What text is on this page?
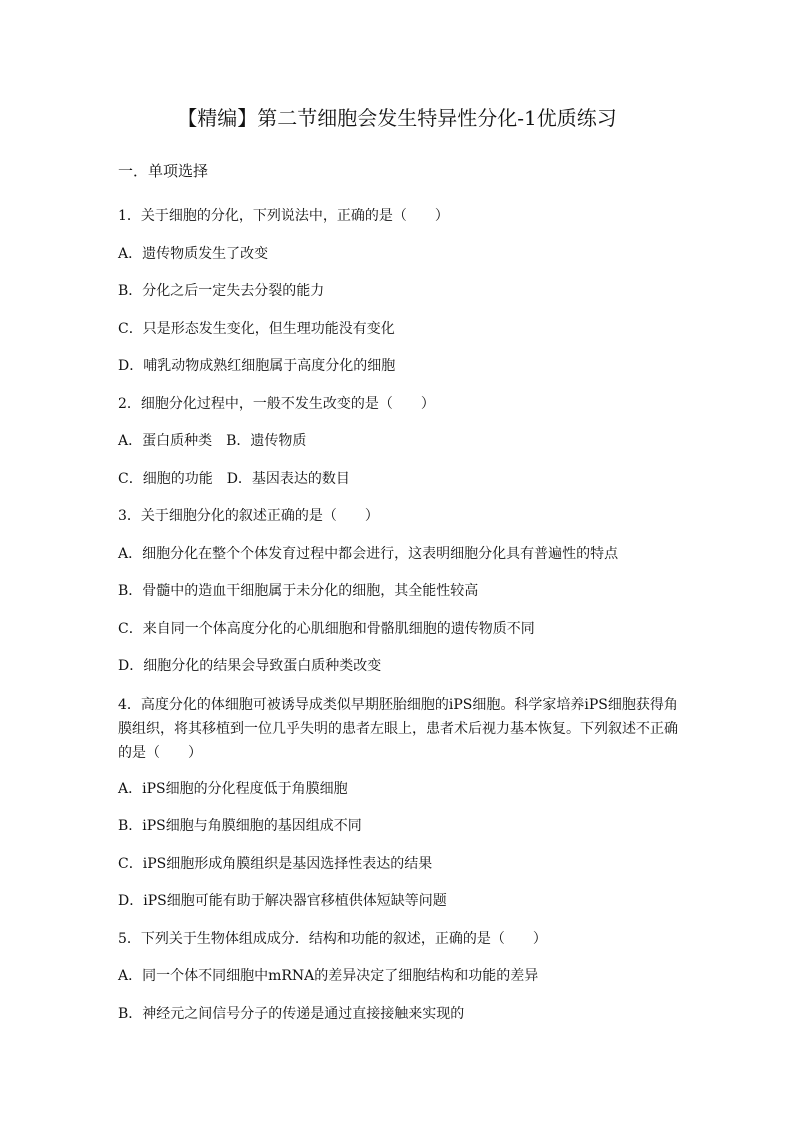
【精编】第二节细胞会发生特异性分化-1优质练习
一．单项选择
1．关于细胞的分化，下列说法中，正确的是（　　）
A．遗传物质发生了改变
B．分化之后一定失去分裂的能力
C．只是形态发生变化，但生理功能没有变化
D．哺乳动物成熟红细胞属于高度分化的细胞
2．细胞分化过程中，一般不发生改变的是（　　）
A．蛋白质种类　B．遗传物质
C．细胞的功能　D．基因表达的数目
3．关于细胞分化的叙述正确的是（　　）
A．细胞分化在整个个体发育过程中都会进行，这表明细胞分化具有普遍性的特点
B．骨髓中的造血干细胞属于未分化的细胞，其全能性较高
C．来自同一个体高度分化的心肌细胞和骨骼肌细胞的遗传物质不同
D．细胞分化的结果会导致蛋白质种类改变
4．高度分化的体细胞可被诱导成类似早期胚胎细胞的iPS细胞。科学家培养iPS细胞获得角膜组织，将其移植到一位几乎失明的患者左眼上，患者术后视力基本恢复。下列叙述不正确的是（　　）
A．iPS细胞的分化程度低于角膜细胞
B．iPS细胞与角膜细胞的基因组成不同
C．iPS细胞形成角膜组织是基因选择性表达的结果
D．iPS细胞可能有助于解决器官移植供体短缺等问题
5．下列关于生物体组成成分．结构和功能的叙述，正确的是（　　）
A．同一个体不同细胞中mRNA的差异决定了细胞结构和功能的差异
B．神经元之间信号分子的传递是通过直接接触来实现的
